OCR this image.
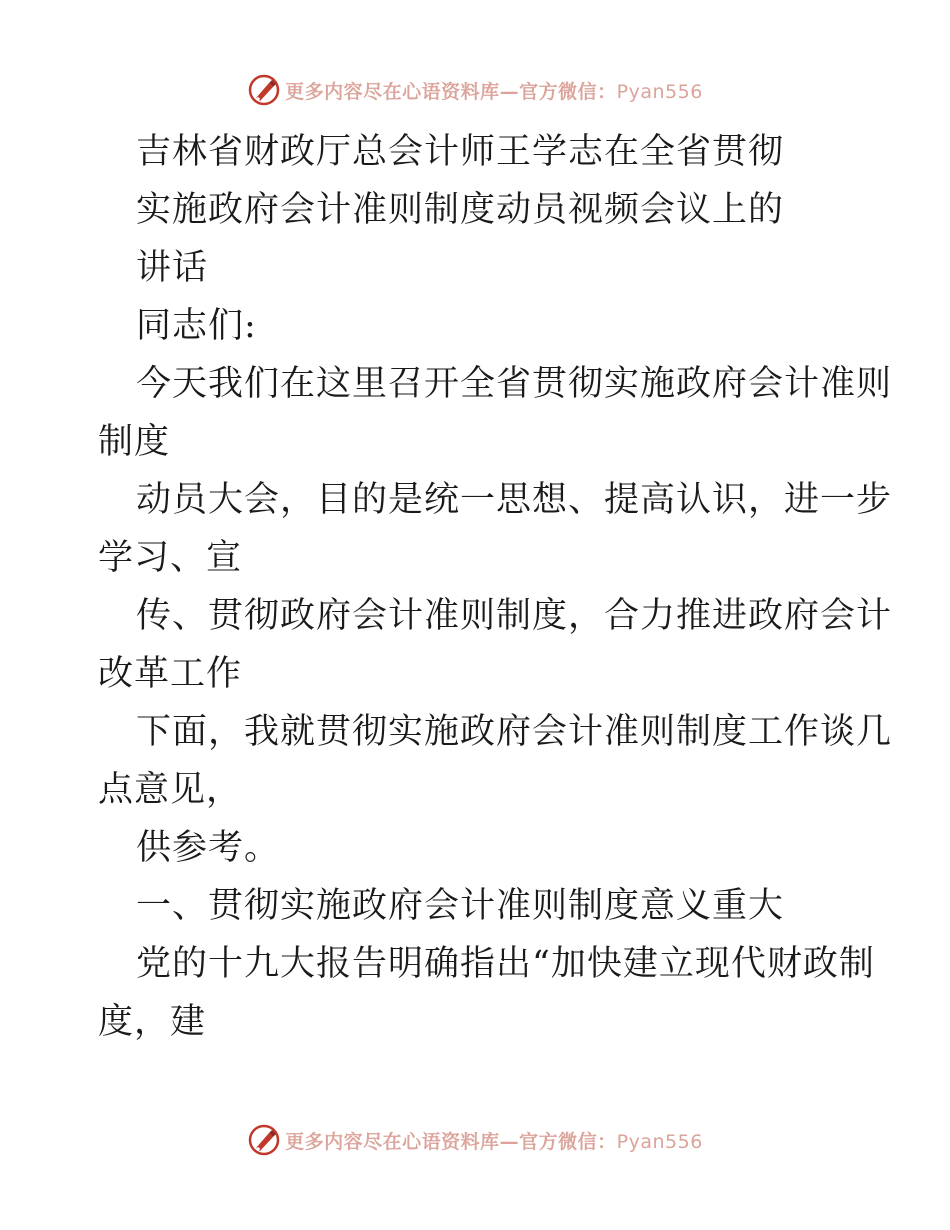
更多内容尽在心语资料库—官方微信：Pyan556
吉林省财政厅总会计师王学志在全省贯彻
实施政府会计准则制度动员视频会议上的
讲话
同志们:
今天我们在这里召开全省贯彻实施政府会计准则
制度
动员大会，目的是统一思想、提高认识，进一步
学习、宣
传、贯彻政府会计准则制度，合力推进政府会计
改革工作
下面，我就贯彻实施政府会计准则制度工作谈几
点意见，
供参考。
一、贯彻实施政府会计准则制度意义重大
党的十九大报告明确指出“加快建立现代财政制
度，建
更多内容尽在心语资料库—官方微信：Pyan556
